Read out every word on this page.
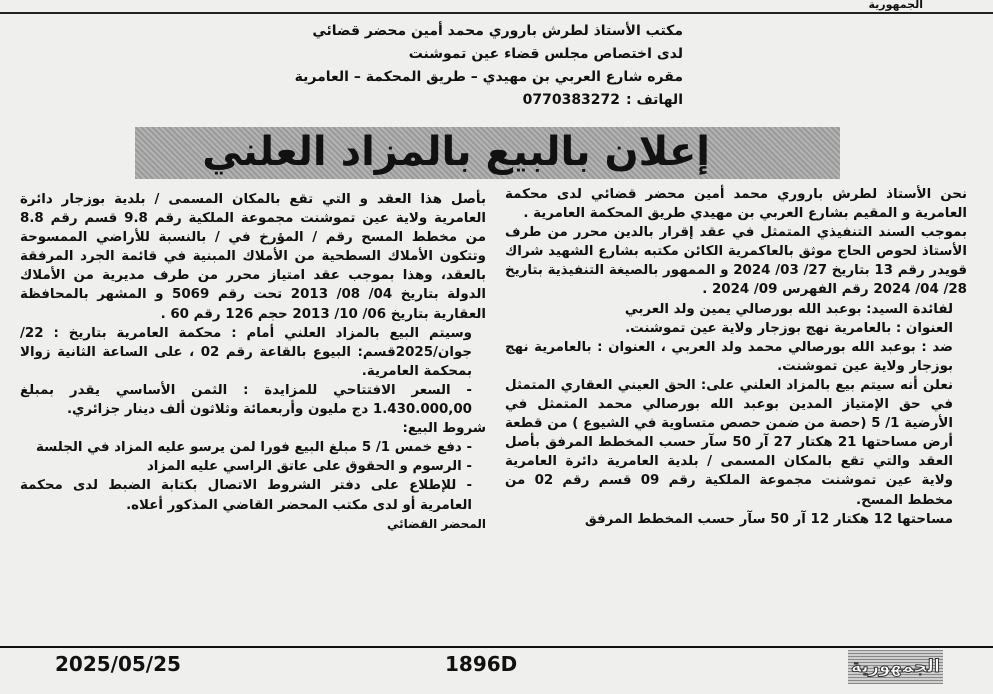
الجمهورية
مكتب الأستاذ لطرش باروري محمد أمين محضر قضائي
لدى اختصاص مجلس قضاء عين تموشنت
مقره شارع العربي بن مهيدي – طريق المحكمة – العامرية
الهاتف :0770383272
إعلان بالبيع بالمزاد العلني

نحن الأستاذ لطرش باروري محمد أمين محضر قضائي لدى محكمة العامرية و المقيم بشارع العربي بن مهيدي طريق المحكمة العامرية .

بموجب السند التنفيذي المتمثل في عقد إقرار بالدين محرر من طرف الأستاذ لحوص الحاج موثق بالعاكمرية الكائن مكتبه بشارع الشهيد شراك قويدر رقم 13 بتاريخ 27/ 03/ 2024 و الممهور بالصيغة التنفيذية بتاريخ 28/ 04/ 2024 رقم الفهرس 09/ 2024 .

لفائدة السيد: بوعبد الله بورصالي يمين ولد العربي

العنوان : بالعامرية نهج بوزجار ولاية عين تموشنت.

ضد : بوعبد الله بورصالي محمد ولد العربي ، العنوان : بالعامرية نهج بوزجار ولاية عين تموشنت.

نعلن أنه سيتم بيع بالمزاد العلني على: الحق العيني العقاري المتمثل في حق الإمتياز المدين بوعبد الله بورصالي محمد المتمثل في الأرضية 1/ 5 (حصة من ضمن حصص متساوية في الشيوع ) من قطعة أرض مساحتها 21 هكتار 27 آر 50 سآر حسب المخطط المرفق بأصل العقد والتي تقع بالمكان المسمى / بلدية العامرية دائرة العامرية ولاية عين تموشنت مجموعة الملكية رقم 09 قسم رقم 02 من مخطط المسح.

مساحتها 12 هكتار 12 آر 50 سآر حسب المخطط المرفق

بأصل هذا العقد و التي تقع بالمكان المسمى / بلدية بوزجار دائرة العامرية ولاية عين تموشنت مجموعة الملكية رقم 9.8 قسم رقم 8.8 من مخطط المسح رقم / المؤرخ في / بالنسبة للأراضي الممسوحة وتتكون الأملاك السطحية من الأملاك المبنية في قائمة الجرد المرفقة بالعقد، وهذا بموجب عقد امتياز محرر من طرف مديرية من الأملاك الدولة بتاريخ 04/ 08/ 2013 تحت رقم 5069 و المشهر بالمحافظة العقارية بتاريخ 06/ 10/ 2013 حجم 126 رقم 60 .

وسيتم البيع بالمزاد العلني أمام : محكمة العامرية بتاريخ : 22/جوان/2025قسم: البيوع بالقاعة رقم 02 ، على الساعة الثانية زوالا بمحكمة العامرية.

- السعر الافتتاحي للمزايدة : الثمن الأساسي يقدر بمبلغ 1.430.000,00 دج مليون وأربعمائة وثلاثون ألف دينار جزائري.

شروط البيع:

- دفع خمس 1/ 5 مبلغ البيع فورا لمن يرسو عليه المزاد في الجلسة

- الرسوم و الحقوق على عاتق الراسي عليه المزاد

- للإطلاع على دفتر الشروط الاتصال بكتابة الضبط لدى محكمة العامرية أو لدى مكتب المحضر القاضي المذكور أعلاه.

المحضر القضائي

2025/05/25	1896D	الجمهورية
